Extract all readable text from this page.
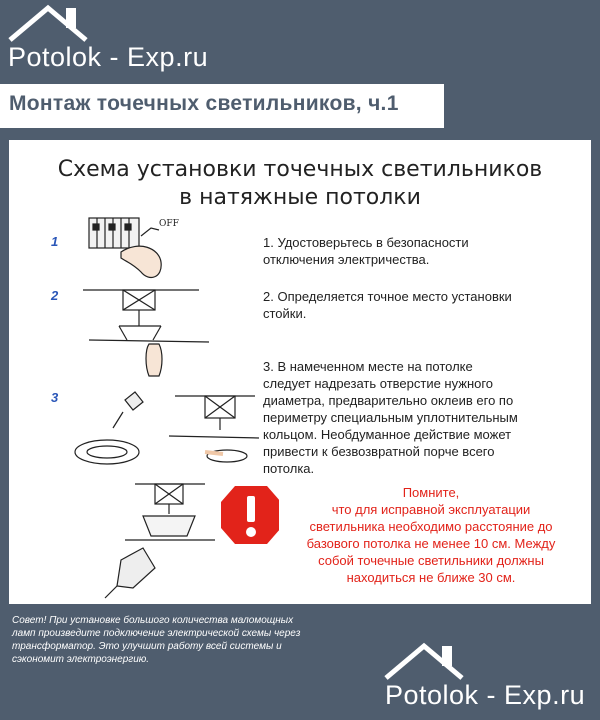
Potolok - Exp.ru
Монтаж точечных светильников, ч.1
Схема установки точечных светильников
в натяжные потолки
1
2
3
OFF
1. Удостоверьтесь в безопасности
отключения электричества.
2. Определяется точное место установки
стойки.
3. В намеченном месте на потолке
следует надрезать отверстие нужного
диаметра, предварительно оклеив его по
периметру специальным уплотнительным
кольцом. Необдуманное действие может
привести к безвозвратной порче всего
потолка.
Помните,
что для исправной эксплуатации
светильника необходимо расстояние до
базового потолка не менее 10 см. Между
собой точечные светильники должны
находиться не ближе 30 см.
Совет! При установке большого количества маломощных
ламп произведите подключение электрической схемы через
трансформатор. Это улучшит работу всей системы и
сэкономит электроэнергию.
Potolok - Exp.ru
